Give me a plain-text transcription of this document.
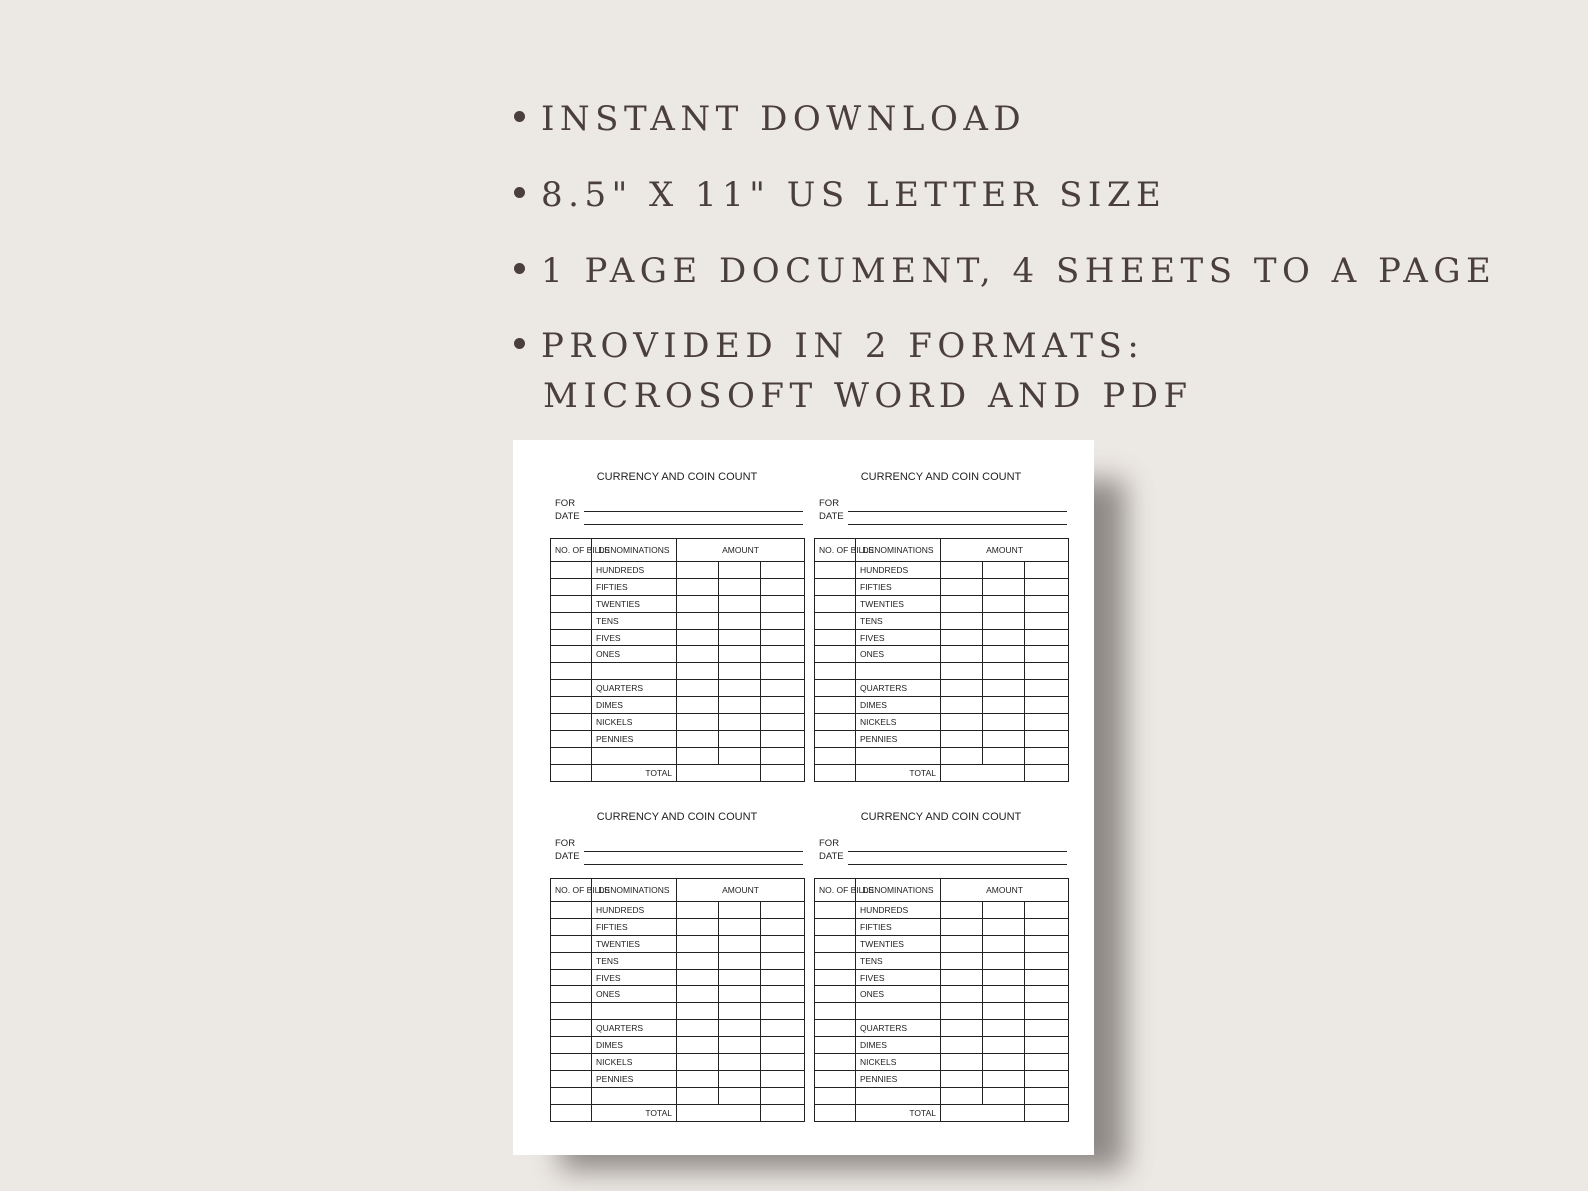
INSTANT DOWNLOAD
8.5" X 11" US LETTER SIZE
1 PAGE DOCUMENT, 4 SHEETS TO A PAGE
PROVIDED IN 2 FORMATS:
MICROSOFT WORD AND PDF
CURRENCY AND COIN COUNT
FOR
DATE
NO. OF BILLS	DENOMINATIONS	AMOUNT		
	HUNDREDS			
	FIFTIES			
	TWENTIES			
	TENS			
	FIVES			
	ONES			

	QUARTERS			
	DIMES			
	NICKELS			
	PENNIES			

	TOTAL			
CURRENCY AND COIN COUNT
FOR
DATE
NO. OF BILLS	DENOMINATIONS	AMOUNT		
	HUNDREDS			
	FIFTIES			
	TWENTIES			
	TENS			
	FIVES			
	ONES			

	QUARTERS			
	DIMES			
	NICKELS			
	PENNIES			

	TOTAL			
CURRENCY AND COIN COUNT
FOR
DATE
NO. OF BILLS	DENOMINATIONS	AMOUNT		
	HUNDREDS			
	FIFTIES			
	TWENTIES			
	TENS			
	FIVES			
	ONES			

	QUARTERS			
	DIMES			
	NICKELS			
	PENNIES			

	TOTAL			
CURRENCY AND COIN COUNT
FOR
DATE
NO. OF BILLS	DENOMINATIONS	AMOUNT		
	HUNDREDS			
	FIFTIES			
	TWENTIES			
	TENS			
	FIVES			
	ONES			

	QUARTERS			
	DIMES			
	NICKELS			
	PENNIES			

	TOTAL			
